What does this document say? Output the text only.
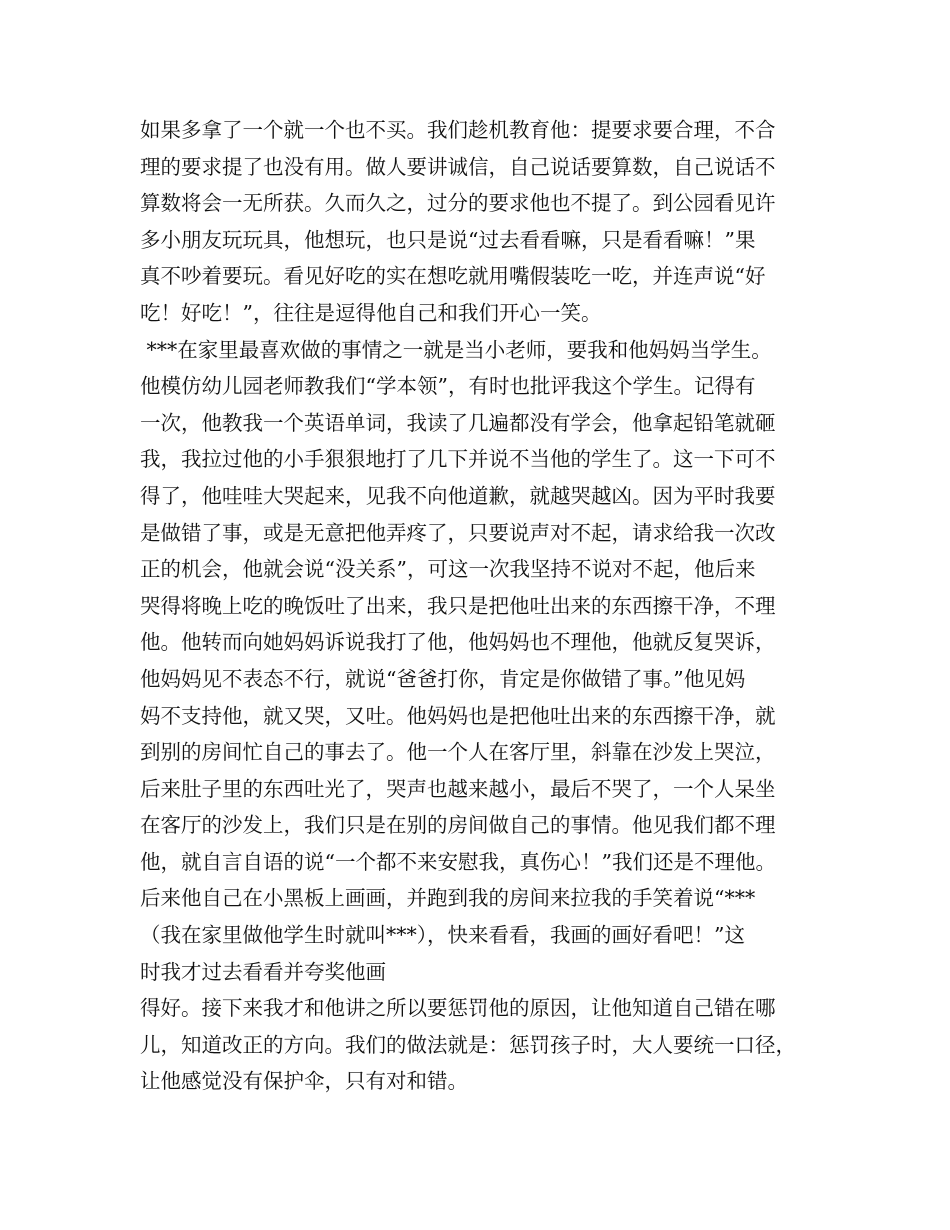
如果多拿了一个就一个也不买。我们趁机教育他：提要求要合理，不合
理的要求提了也没有用。做人要讲诚信，自己说话要算数，自己说话不
算数将会一无所获。久而久之，过分的要求他也不提了。到公园看见许
多小朋友玩玩具，他想玩，也只是说“过去看看嘛，只是看看嘛！”果
真不吵着要玩。看见好吃的实在想吃就用嘴假装吃一吃，并连声说“好
吃！好吃！”，往往是逗得他自己和我们开心一笑。
***在家里最喜欢做的事情之一就是当小老师，要我和他妈妈当学生。
他模仿幼儿园老师教我们“学本领”，有时也批评我这个学生。记得有
一次，他教我一个英语单词，我读了几遍都没有学会，他拿起铅笔就砸
我，我拉过他的小手狠狠地打了几下并说不当他的学生了。这一下可不
得了，他哇哇大哭起来，见我不向他道歉，就越哭越凶。因为平时我要
是做错了事，或是无意把他弄疼了，只要说声对不起，请求给我一次改
正的机会，他就会说“没关系”，可这一次我坚持不说对不起，他后来
哭得将晚上吃的晚饭吐了出来，我只是把他吐出来的东西擦干净，不理
他。他转而向她妈妈诉说我打了他，他妈妈也不理他，他就反复哭诉，
他妈妈见不表态不行，就说“爸爸打你，肯定是你做错了事。”他见妈
妈不支持他，就又哭，又吐。他妈妈也是把他吐出来的东西擦干净，就
到别的房间忙自己的事去了。他一个人在客厅里，斜靠在沙发上哭泣，
后来肚子里的东西吐光了，哭声也越来越小，最后不哭了，一个人呆坐
在客厅的沙发上，我们只是在别的房间做自己的事情。他见我们都不理
他，就自言自语的说“一个都不来安慰我，真伤心！”我们还是不理他。
后来他自己在小黑板上画画，并跑到我的房间来拉我的手笑着说“***
（我在家里做他学生时就叫***），快来看看，我画的画好看吧！”这
时我才过去看看并夸奖他画
得好。接下来我才和他讲之所以要惩罚他的原因，让他知道自己错在哪
儿，知道改正的方向。我们的做法就是：惩罚孩子时，大人要统一口径，
让他感觉没有保护伞，只有对和错。
